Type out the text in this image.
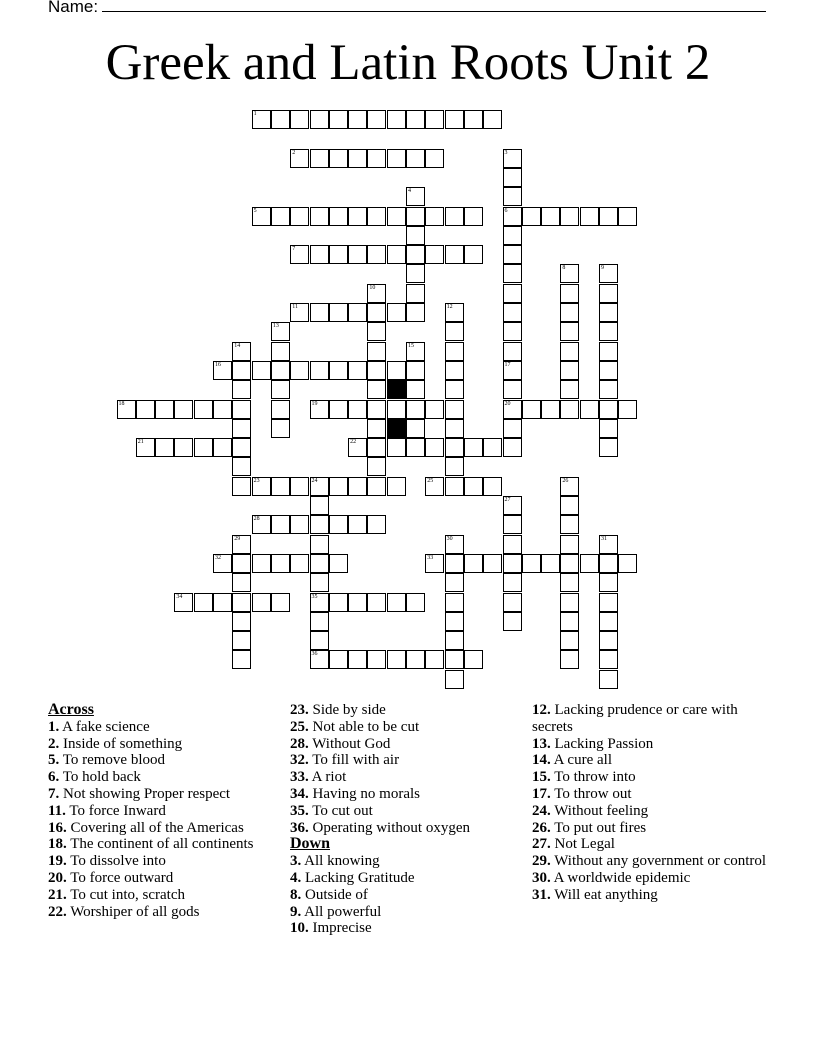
Name:
Greek and Latin Roots Unit 2
1
2
5	6
7
11
16
18	19	20
21	22
23	24	25
28
32	33
34	35
36
3
4
8	9
10
12
13
14	15
17
26
27
29	30	31
Across
1. A fake science
2. Inside of something
5. To remove blood
6. To hold back
7. Not showing Proper respect
11. To force Inward
16. Covering all of the Americas
18. The continent of all continents
19. To dissolve into
20. To force outward
21. To cut into, scratch
22. Worshiper of all gods
23. Side by side
25. Not able to be cut
28. Without God
32. To fill with air
33. A riot
34. Having no morals
35. To cut out
36. Operating without oxygen
Down
3. All knowing
4. Lacking Gratitude
8. Outside of
9. All powerful
10. Imprecise
12. Lacking prudence or care with secrets
13. Lacking Passion
14. A cure all
15. To throw into
17. To throw out
24. Without feeling
26. To put out fires
27. Not Legal
29. Without any government or control
30. A worldwide epidemic
31. Will eat anything
